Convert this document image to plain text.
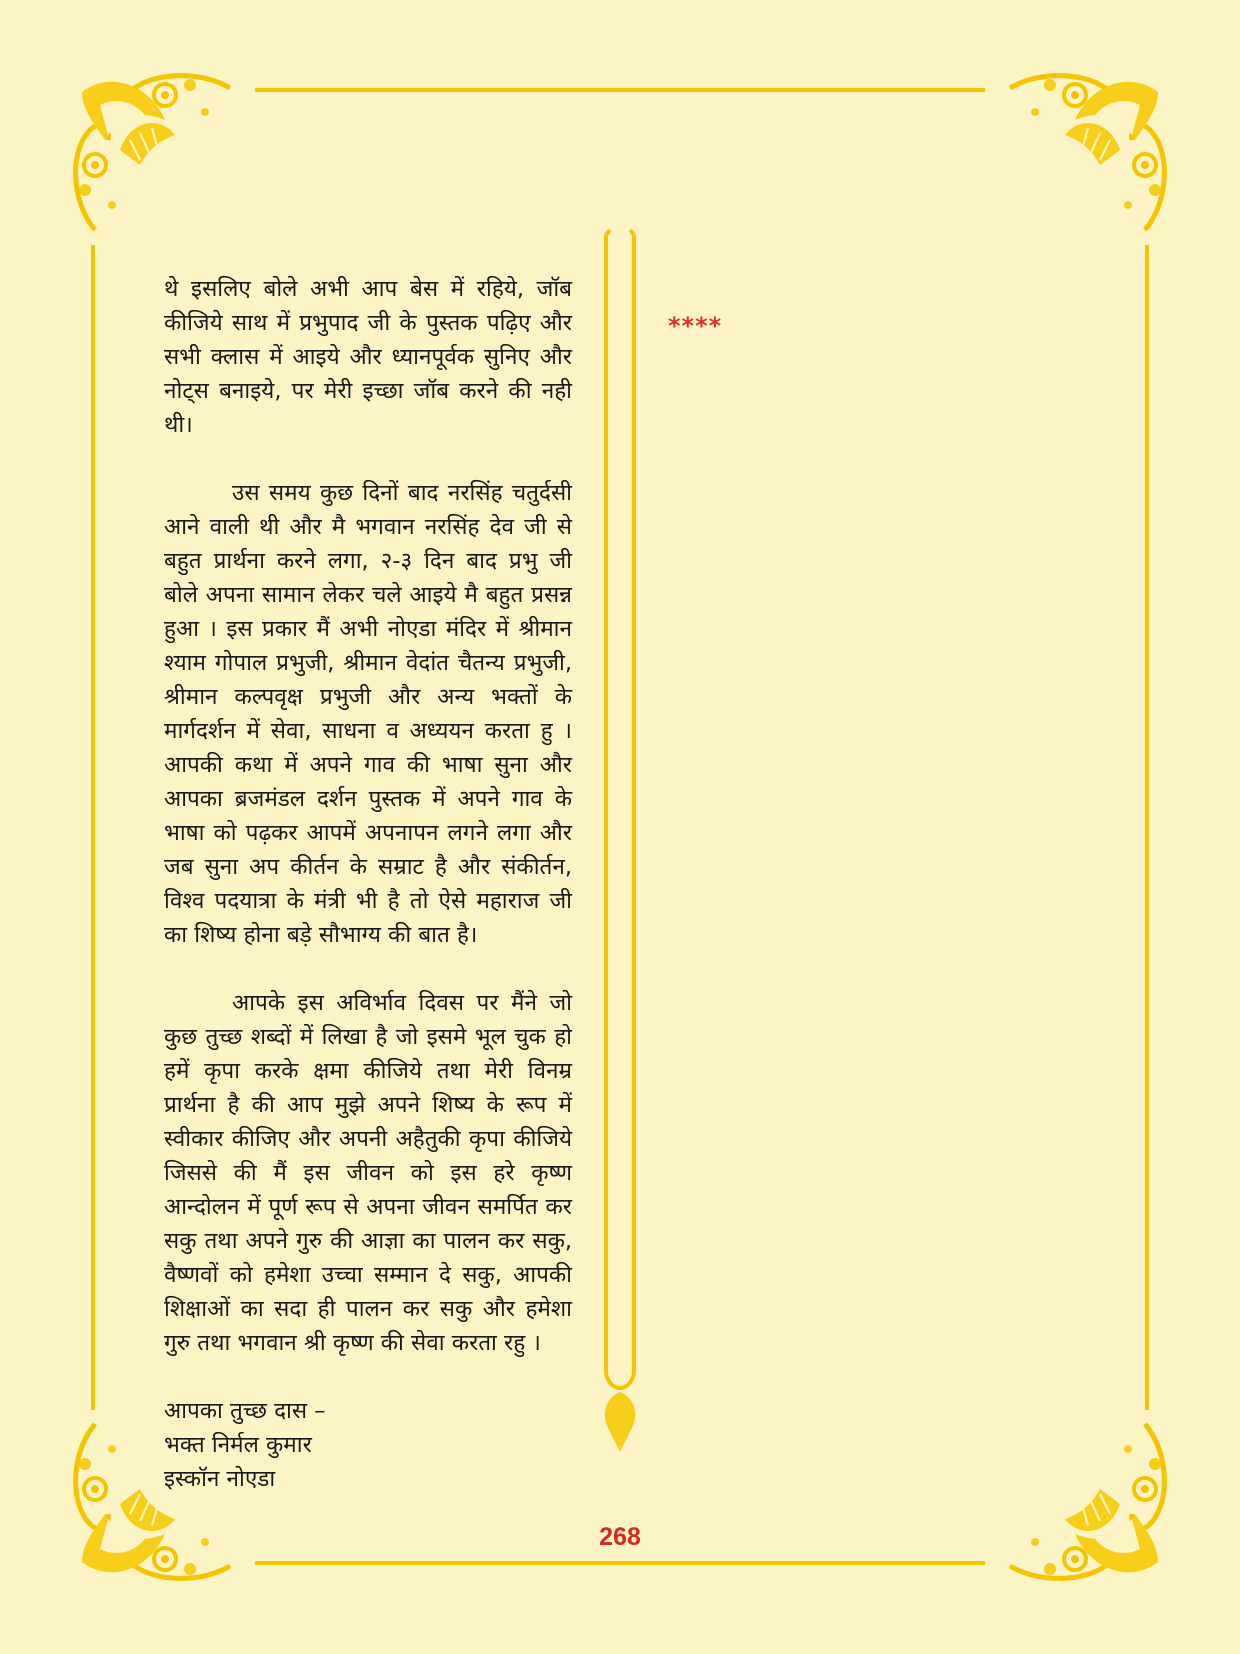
थे इसलिए बोले अभी आप बेस में रहिये, जॉब कीजिये साथ में प्रभुपाद जी के पुस्तक पढ़िए और सभी क्लास में आइये और ध्यानपूर्वक सुनिए और नोट्स बनाइये, पर मेरी इच्छा जॉब करने की नही थी।

उस समय कुछ दिनों बाद नरसिंह चतुर्दसी आने वाली थी और मै भगवान नरसिंह देव जी से बहुत प्रार्थना करने लगा, २-३ दिन बाद प्रभु जी बोले अपना सामान लेकर चले आइये मै बहुत प्रसन्न हुआ । इस प्रकार मैं अभी नोएडा मंदिर में श्रीमान श्याम गोपाल प्रभुजी, श्रीमान वेदांत चैतन्य प्रभुजी, श्रीमान कल्पवृक्ष प्रभुजी और अन्य भक्तों के मार्गदर्शन में सेवा, साधना व अध्ययन करता हु । आपकी कथा में अपने गाव की भाषा सुना और आपका ब्रजमंडल दर्शन पुस्तक में अपने गाव के भाषा को पढ़कर आपमें अपनापन लगने लगा और जब सुना अप कीर्तन के सम्राट है और संकीर्तन, विश्व पदयात्रा के मंत्री भी है तो ऐसे महाराज जी का शिष्य होना बड़े सौभाग्य की बात है।

आपके इस अविर्भाव दिवस पर मैंने जो कुछ तुच्छ शब्दों में लिखा है जो इसमे भूल चुक हो हमें कृपा करके क्षमा कीजिये तथा मेरी विनम्र प्रार्थना है की आप मुझे अपने शिष्य के रूप में स्वीकार कीजिए और अपनी अहैतुकी कृपा कीजिये जिससे की मैं इस जीवन को इस हरे कृष्ण आन्दोलन में पूर्ण रूप से अपना जीवन समर्पित कर सकु तथा अपने गुरु की आज्ञा का पालन कर सकु, वैष्णवों को हमेशा उच्चा सम्मान दे सकु, आपकी शिक्षाओं का सदा ही पालन कर सकु और हमेशा गुरु तथा भगवान श्री कृष्ण की सेवा करता रहु ।

आपका तुच्छ दास –
भक्त निर्मल कुमार
इस्कॉन नोएडा
****
268
